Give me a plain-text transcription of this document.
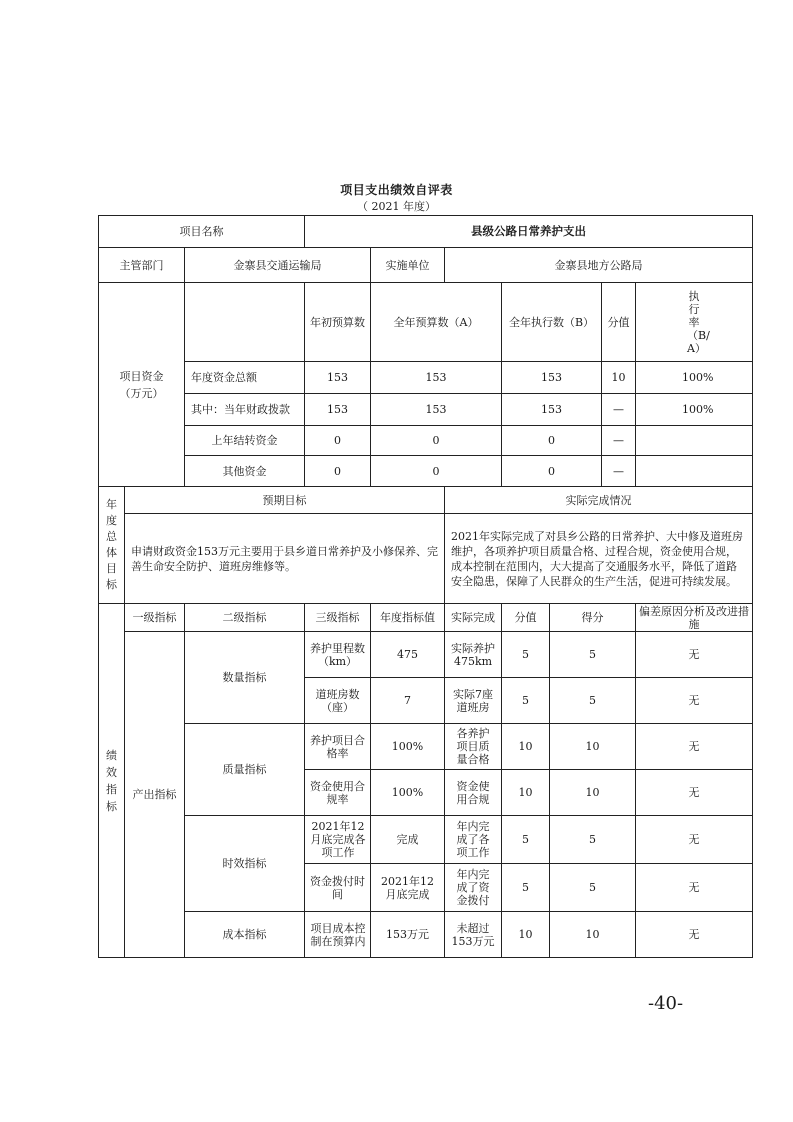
项目支出绩效自评表
（ 2021 年度）
项目名称			县级公路日常养护支出							
主管部门		金寨县交通运输局		实施单位	金寨县地方公路局					
项目资金
（万元）			年初预算数	全年预算数（A）		全年执行数（B）		分值	执行率（B/A）

		年度资金总额	153	153		153		10	100%

		其中：当年财政拨款	153	153		153		—	100%

		上年结转资金	0	0		0		—		
		其他资金	0	0		0		—		

年度总体目标	预期目标				实际完成情况					
	申请财政资金153万元主要用于县乡道日常养护及小修保养、完善生命安全防护、道班房维修等。				2021年实际完成了对县乡公路的日常养护、大中修及道班房维护，各项养护项目质量合格、过程合规，资金使用合规，成本控制在范围内，大大提高了交通服务水平，降低了道路安全隐患，保障了人民群众的生产生活，促进可持续发展。					

绩效指标	一级指标	二级指标	三级指标	年度指标值	实际完成	分值	得分		偏差原因分析及改进措施	
	产出指标	数量指标	养护里程数（km）	475	实际养护475km	5	5		无	

			道班房数（座）	7	实际7座道班房	5	5		无	
		质量指标	养护项目合格率	100%	各养护项目质量合格	10	10		无	

			资金使用合规率	100%	资金使用合规	10	10		无	
		时效指标	2021年12月底完成各项工作	完成	年内完成了各项工作	5	5		无	

			资金拨付时间	2021年12月底完成	年内完成了资金拨付	5	5		无	
		成本指标	项目成本控制在预算内	153万元	未超过153万元	10	10		无	
-40-
